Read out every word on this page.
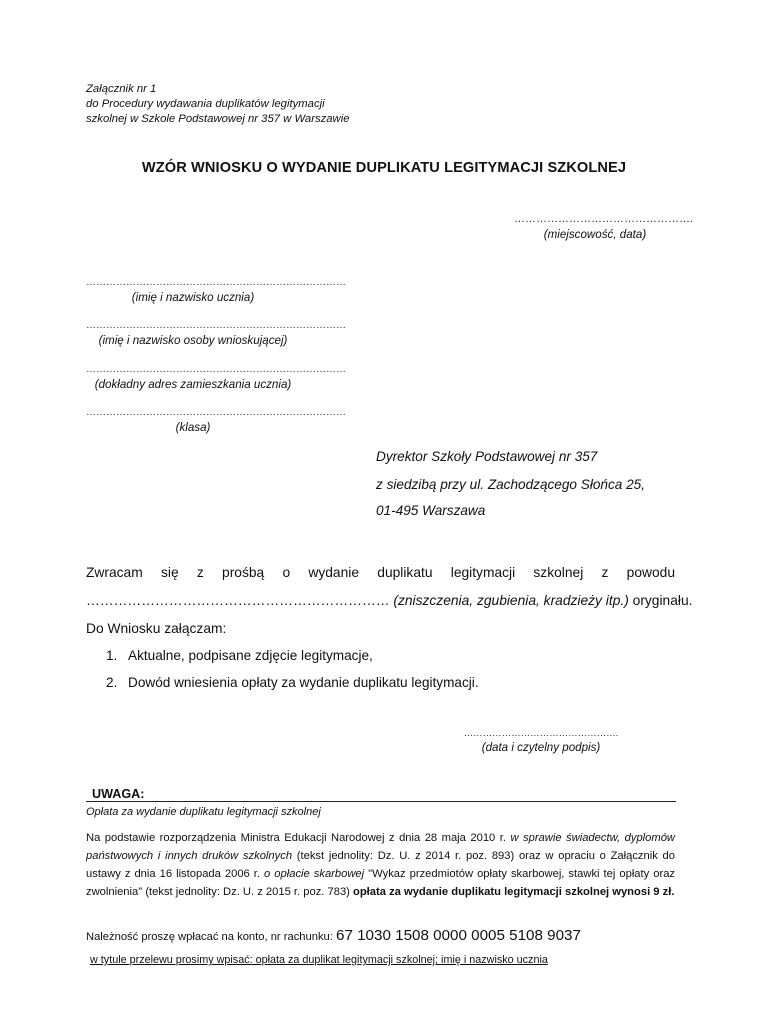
Załącznik nr 1
do Procedury wydawania duplikatów legitymacji
szkolnej w Szkole Podstawowej nr 357 w Warszawie
WZÓR WNIOSKU O WYDANIE DUPLIKATU LEGITYMACJI SZKOLNEJ
………………………………………….
(miejscowość, data)
……………………………………………………………………
(imię i nazwisko ucznia)
……………………………………………………………………
(imię i nazwisko osoby wnioskującej)
……………………………………………………………………
(dokładny adres zamieszkania ucznia)
……………………………………………………………………
(klasa)
Dyrektor Szkoły Podstawowej nr 357
z siedzibą przy ul. Zachodzącego Słońca 25,
01-495 Warszawa
Zwracam się z prośbą o wydanie duplikatu legitymacji szkolnej z powodu
………………………………………………………… (zniszczenia, zgubienia, kradzieży itp.) oryginału.
Do Wniosku załączam:
1. Aktualne, podpisane zdjęcie legitymacje,
2. Dowód wniesienia opłaty za wydanie duplikatu legitymacji.
………………………………………….
(data i czytelny podpis)
UWAGA:
Opłata za wydanie duplikatu legitymacji szkolnej
Na podstawie rozporządzenia Ministra Edukacji Narodowej z dnia 28 maja 2010 r. w sprawie świadectw, dyplomów państwowych i innych druków szkolnych (tekst jednolity: Dz. U. z 2014 r. poz. 893) oraz w opraciu o Załącznik do ustawy z dnia 16 listopada 2006 r. o opłacie skarbowej "Wykaz przedmiotów opłaty skarbowej, stawki tej opłaty oraz zwolnienia" (tekst jednolity: Dz. U. z 2015 r. poz. 783) opłata za wydanie duplikatu legitymacji szkolnej wynosi 9 zł.
Należność proszę wpłacać na konto, nr rachunku: 67 1030 1508 0000 0005 5108 9037
w tytule przelewu prosimy wpisać: opłata za duplikat legitymacji szkolnej; imię i nazwisko ucznia
